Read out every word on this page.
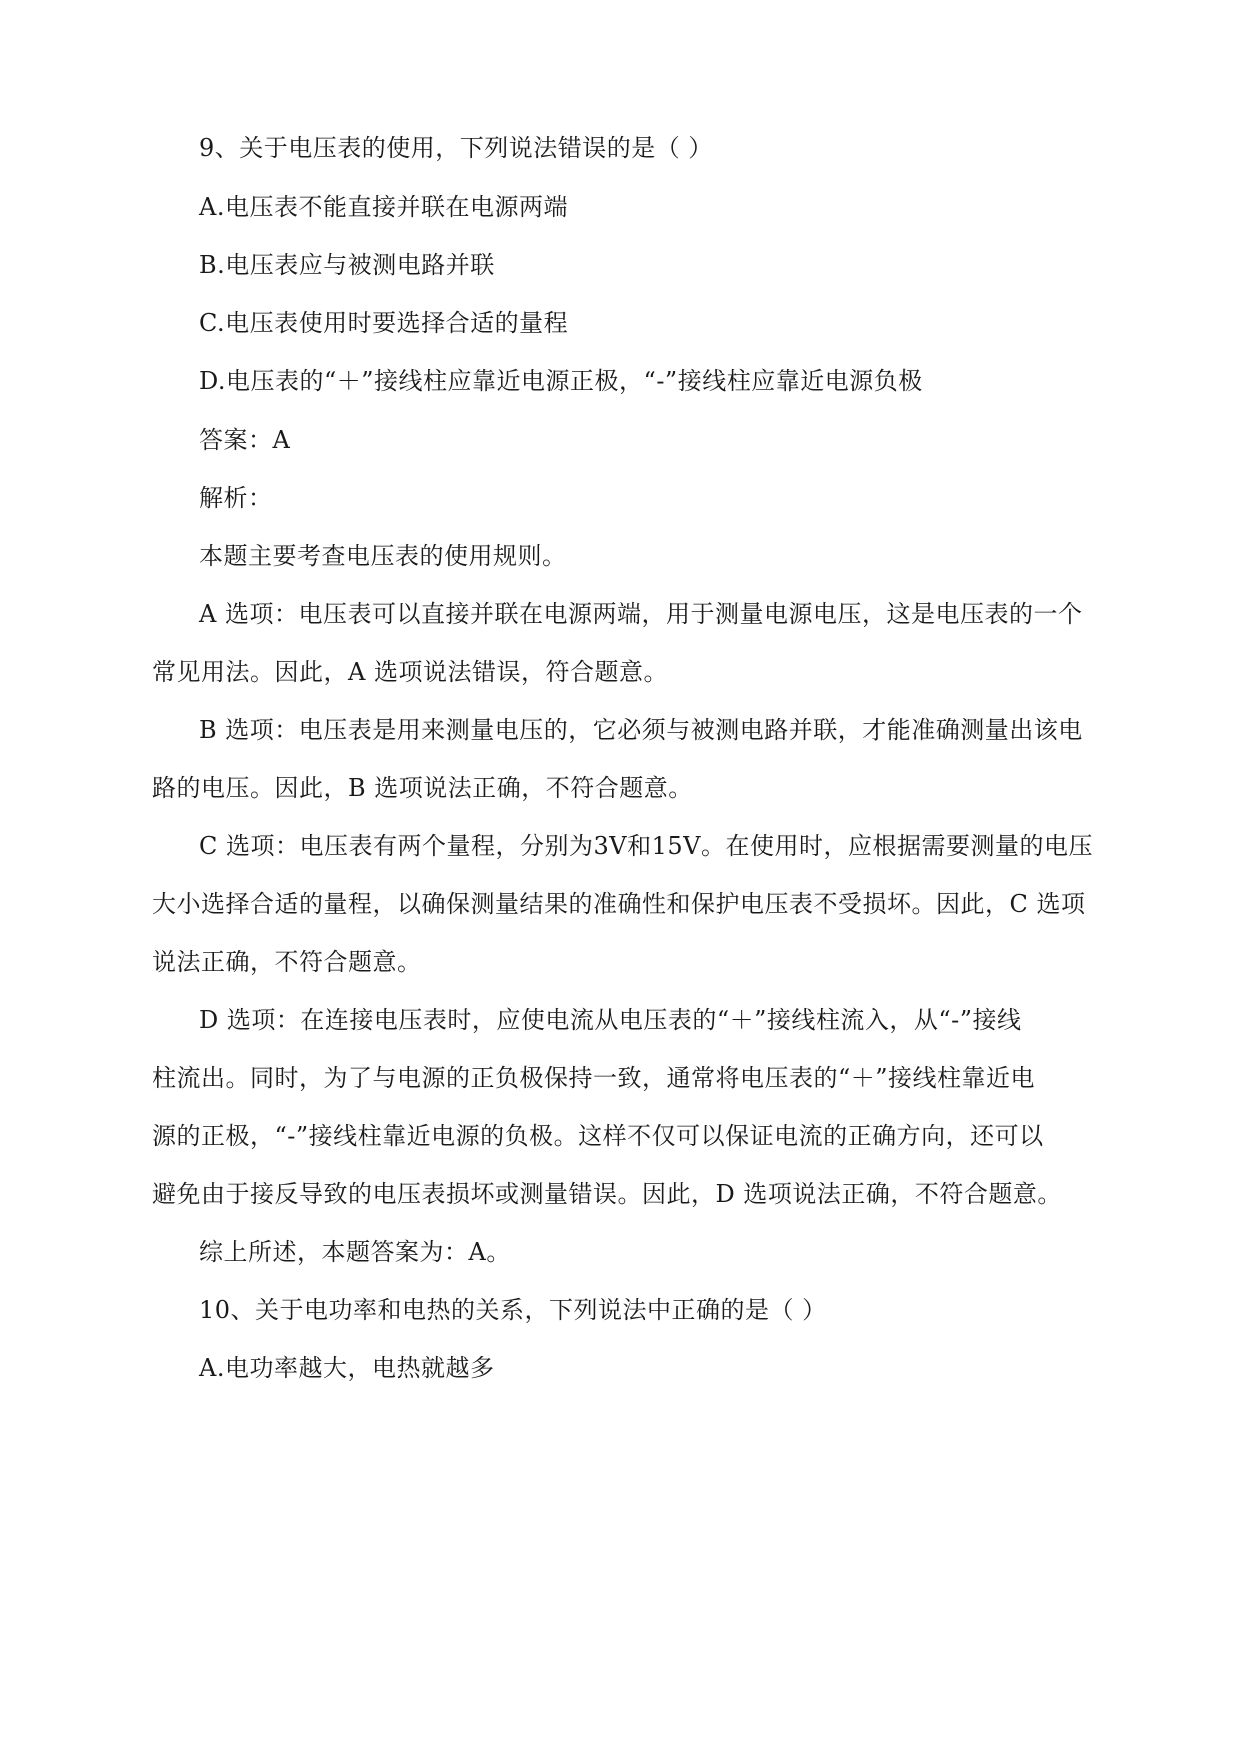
9、关于电压表的使用，下列说法错误的是（ ）
A.电压表不能直接并联在电源两端
B.电压表应与被测电路并联
C.电压表使用时要选择合适的量程
D.电压表的“＋”接线柱应靠近电源正极，“-”接线柱应靠近电源负极
答案：A
解析：
本题主要考查电压表的使用规则。
A 选项：电压表可以直接并联在电源两端，用于测量电源电压，这是电压表的一个
常见用法。因此，A 选项说法错误，符合题意。
B 选项：电压表是用来测量电压的，它必须与被测电路并联，才能准确测量出该电
路的电压。因此，B 选项说法正确，不符合题意。
C 选项：电压表有两个量程，分别为3V和15V。在使用时，应根据需要测量的电压
大小选择合适的量程，以确保测量结果的准确性和保护电压表不受损坏。因此，C 选项
说法正确，不符合题意。
D 选项：在连接电压表时，应使电流从电压表的“＋”接线柱流入，从“-”接线
柱流出。同时，为了与电源的正负极保持一致，通常将电压表的“＋”接线柱靠近电
源的正极，“-”接线柱靠近电源的负极。这样不仅可以保证电流的正确方向，还可以
避免由于接反导致的电压表损坏或测量错误。因此，D 选项说法正确，不符合题意。
综上所述，本题答案为：A。
10、关于电功率和电热的关系，下列说法中正确的是（ ）
A.电功率越大，电热就越多
